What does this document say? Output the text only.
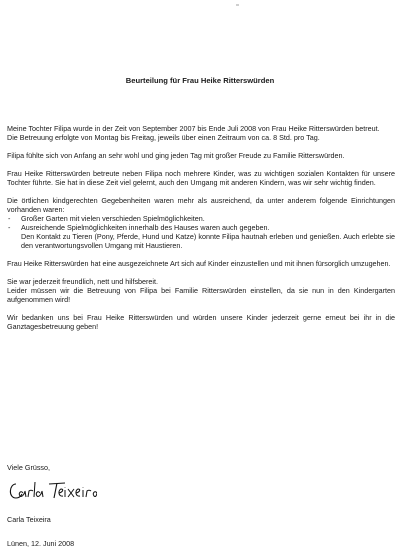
Beurteilung für Frau Heike Ritterswürden

Meine Tochter Filipa wurde in der Zeit von September 2007 bis Ende Juli 2008 von Frau Heike Ritterswürden betreut.

Die Betreuung erfolgte von Montag bis Freitag, jeweils über einen Zeitraum von ca. 8 Std. pro Tag.

Filipa fühlte sich von Anfang an sehr wohl und ging jeden Tag mit großer Freude zu Familie Ritterswürden.

Frau Heike Ritterswürden betreute neben Filipa noch mehrere Kinder, was zu wichtigen sozialen Kontakten für unsere Tochter führte. Sie hat in diese Zeit viel gelernt, auch den Umgang mit anderen Kindern, was wir sehr wichtig finden.

Die örtlichen kindgerechten Gegebenheiten waren mehr als ausreichend, da unter anderem folgende Einrichtungen vorhanden waren:

- Großer Garten mit vielen verschieden Spielmöglichkeiten.
- Ausreichende Spielmöglichkeiten innerhalb des Hauses waren auch gegeben.
Den Kontakt zu Tieren (Pony, Pferde, Hund und Katze) konnte Filipa hautnah erleben und genießen. Auch erlebte sie den verantwortungsvollen Umgang mit Haustieren.

Frau Heike Ritterswürden hat eine ausgezeichnete Art sich auf Kinder einzustellen und mit ihnen fürsorglich umzugehen.

Sie war jederzeit freundlich, nett und hilfsbereit.

Leider müssen wir die Betreuung von Filipa bei Familie Ritterswürden einstellen, da sie nun in den Kindergarten aufgenommen wird!

Wir bedanken uns bei Frau Heike Ritterswürden und würden unsere Kinder jederzeit gerne erneut bei ihr in die Ganztagesbetreuung geben!

Viele Grüsso,
Carla Teixeira
Lünen, 12. Juni 2008
